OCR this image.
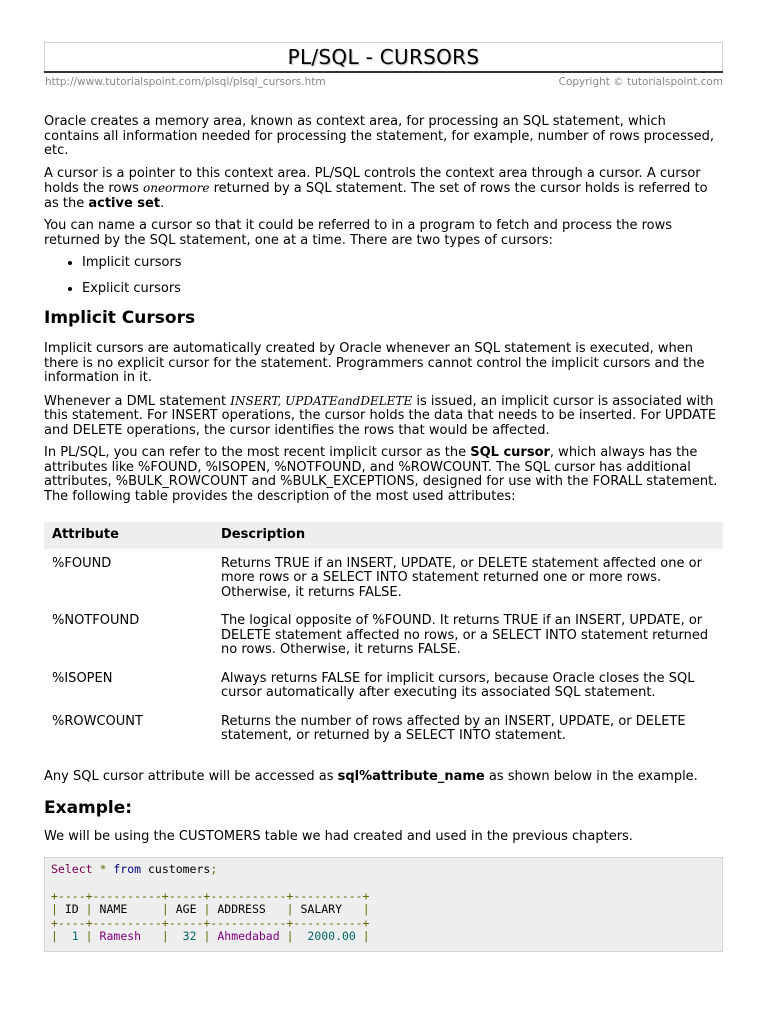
PL/SQL - CURSORS
http://www.tutorialspoint.com/plsql/plsql_cursors.htm	Copyright © tutorialspoint.com

Oracle creates a memory area, known as context area, for processing an SQL statement, which contains all information needed for processing the statement, for example, number of rows processed, etc.

A cursor is a pointer to this context area. PL/SQL controls the context area through a cursor. A cursor holds the rows oneormore returned by a SQL statement. The set of rows the cursor holds is referred to as the active set.

You can name a cursor so that it could be referred to in a program to fetch and process the rows returned by the SQL statement, one at a time. There are two types of cursors:

• Implicit cursors
• Explicit cursors
Implicit Cursors

Implicit cursors are automatically created by Oracle whenever an SQL statement is executed, when there is no explicit cursor for the statement. Programmers cannot control the implicit cursors and the information in it.

Whenever a DML statement INSERT, UPDATEandDELETE is issued, an implicit cursor is associated with this statement. For INSERT operations, the cursor holds the data that needs to be inserted. For UPDATE and DELETE operations, the cursor identifies the rows that would be affected.

In PL/SQL, you can refer to the most recent implicit cursor as the SQL cursor, which always has the attributes like %FOUND, %ISOPEN, %NOTFOUND, and %ROWCOUNT. The SQL cursor has additional attributes, %BULK_ROWCOUNT and %BULK_EXCEPTIONS, designed for use with the FORALL statement. The following table provides the description of the most used attributes:

Attribute	Description
%FOUND	Returns TRUE if an INSERT, UPDATE, or DELETE statement affected one or more rows or a SELECT INTO statement returned one or more rows. Otherwise, it returns FALSE.
%NOTFOUND	The logical opposite of %FOUND. It returns TRUE if an INSERT, UPDATE, or DELETE statement affected no rows, or a SELECT INTO statement returned no rows. Otherwise, it returns FALSE.
%ISOPEN	Always returns FALSE for implicit cursors, because Oracle closes the SQL cursor automatically after executing its associated SQL statement.
%ROWCOUNT	Returns the number of rows affected by an INSERT, UPDATE, or DELETE statement, or returned by a SELECT INTO statement.

Any SQL cursor attribute will be accessed as sql%attribute_name as shown below in the example.

Example:

We will be using the CUSTOMERS table we had created and used in the previous chapters.

Select * from customers;

+----+----------+-----+-----------+----------+
| ID | NAME	| AGE | ADDRESS | SALARY |
+----+----------+-----+-----------+----------+
| 1 | Ramesh | 32 | Ahmedabad | 2000.00 |
